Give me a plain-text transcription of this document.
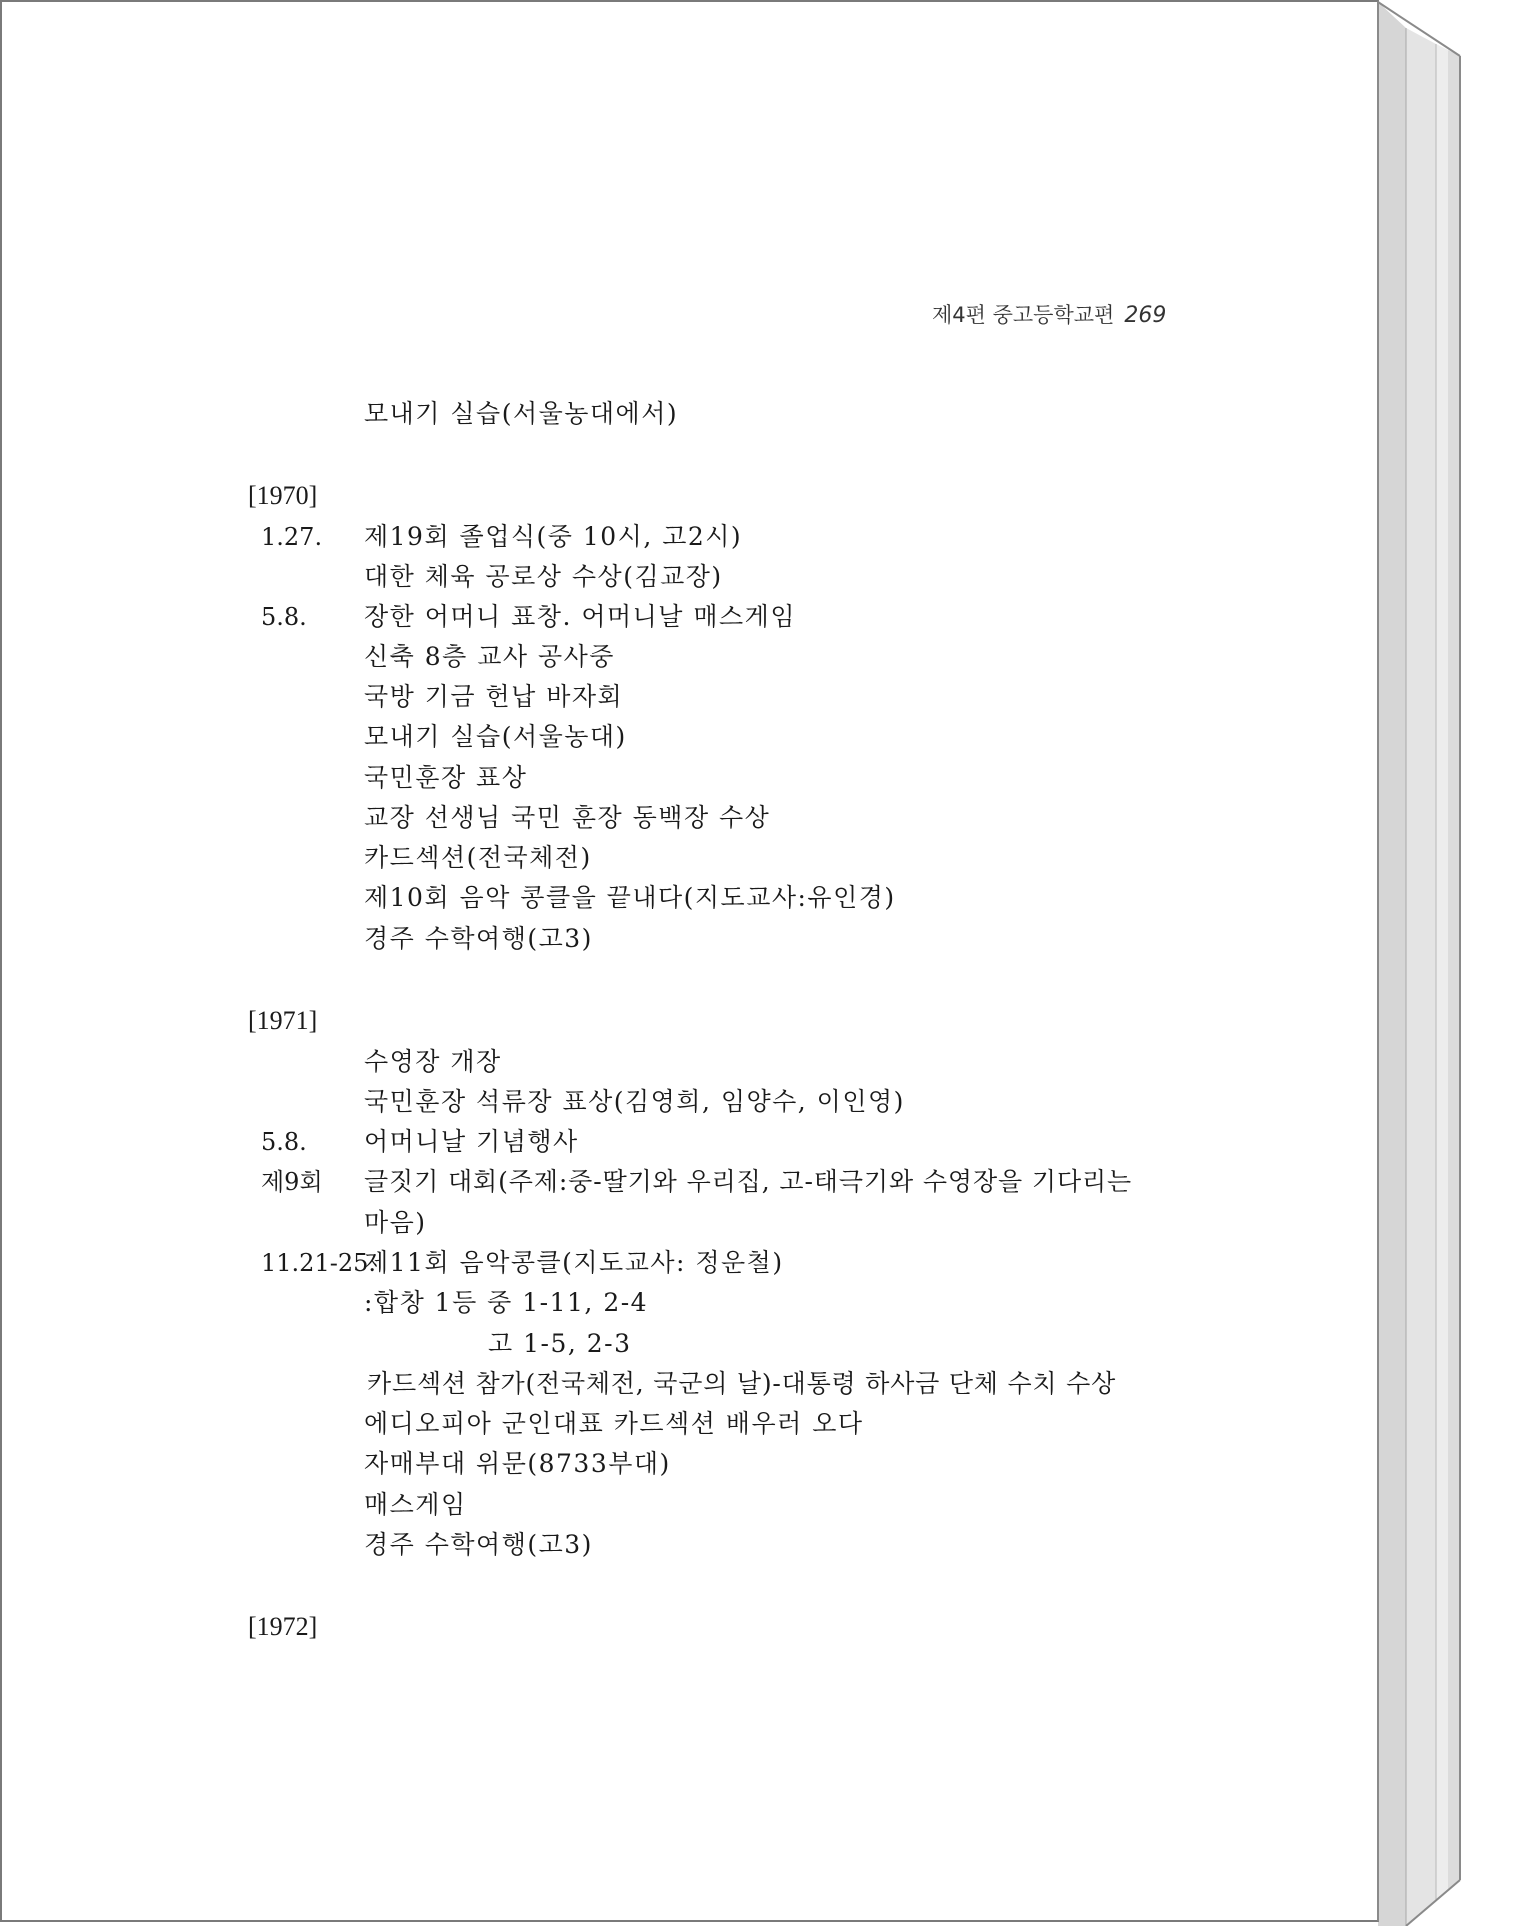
제4편 중고등학교편 269
모내기 실습(서울농대에서)
[1970]
1.27. 제19회 졸업식(중 10시, 고2시)
대한 체육 공로상 수상(김교장)
5.8. 장한 어머니 표창. 어머니날 매스게임
신축 8층 교사 공사중
국방 기금 헌납 바자회
모내기 실습(서울농대)
국민훈장 표상
교장 선생님 국민 훈장 동백장 수상
카드섹션(전국체전)
제10회 음악 콩클을 끝내다(지도교사:유인경)
경주 수학여행(고3)
[1971]
수영장 개장
국민훈장 석류장 표상(김영희, 임양수, 이인영)
5.8. 어머니날 기념행사
제9회 글짓기 대회(주제:중-딸기와 우리집, 고-태극기와 수영장을 기다리는
마음)
11.21-25.
제11회 음악콩클(지도교사: 정운철)
:합창 1등 중 1-11, 2-4
고 1-5, 2-3
카드섹션 참가(전국체전, 국군의 날)-대통령 하사금 단체 수치 수상
에디오피아 군인대표 카드섹션 배우러 오다
자매부대 위문(8733부대)
매스게임
경주 수학여행(고3)
[1972]
